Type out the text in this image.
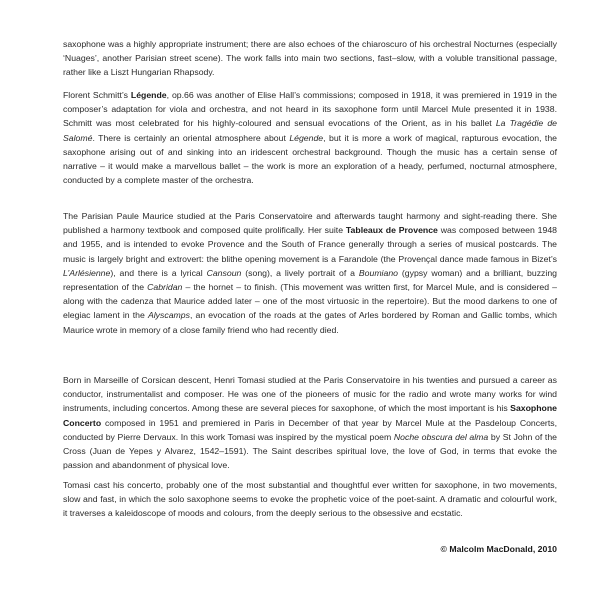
saxophone was a highly appropriate instrument; there are also echoes of the chiaroscuro of his orchestral Nocturnes (especially ‘Nuages’, another Parisian street scene). The work falls into main two sections, fast–slow, with a voluble transitional passage, rather like a Liszt Hungarian Rhapsody.

Florent Schmitt’s Légende, op.66 was another of Elise Hall’s commissions; composed in 1918, it was premiered in 1919 in the composer’s adaptation for viola and orchestra, and not heard in its saxophone form until Marcel Mule presented it in 1938. Schmitt was most celebrated for his highly-coloured and sensual evocations of the Orient, as in his ballet La Tragédie de Salomé. There is certainly an oriental atmosphere about Légende, but it is more a work of magical, rapturous evocation, the saxophone arising out of and sinking into an iridescent orchestral background. Though the music has a certain sense of narrative – it would make a marvellous ballet – the work is more an exploration of a heady, perfumed, nocturnal atmosphere, conducted by a complete master of the orchestra.

The Parisian Paule Maurice studied at the Paris Conservatoire and afterwards taught harmony and sight-reading there. She published a harmony textbook and composed quite prolifically. Her suite Tableaux de Provence was composed between 1948 and 1955, and is intended to evoke Provence and the South of France generally through a series of musical postcards. The music is largely bright and extrovert: the blithe opening movement is a Farandole (the Provençal dance made famous in Bizet’s L’Arlésienne), and there is a lyrical Cansoun (song), a lively portrait of a Boumiano (gypsy woman) and a brilliant, buzzing representation of the Cabridan – the hornet – to finish. (This movement was written first, for Marcel Mule, and is considered – along with the cadenza that Maurice added later – one of the most virtuosic in the repertoire). But the mood darkens to one of elegiac lament in the Alyscamps, an evocation of the roads at the gates of Arles bordered by Roman and Gallic tombs, which Maurice wrote in memory of a close family friend who had recently died.

Born in Marseille of Corsican descent, Henri Tomasi studied at the Paris Conservatoire in his twenties and pursued a career as conductor, instrumentalist and composer. He was one of the pioneers of music for the radio and wrote many works for wind instruments, including concertos. Among these are several pieces for saxophone, of which the most important is his Saxophone Concerto composed in 1951 and premiered in Paris in December of that year by Marcel Mule at the Pasdeloup Concerts, conducted by Pierre Dervaux. In this work Tomasi was inspired by the mystical poem Noche obscura del alma by St John of the Cross (Juan de Yepes y Alvarez, 1542–1591). The Saint describes spiritual love, the love of God, in terms that evoke the passion and abandonment of physical love.

Tomasi cast his concerto, probably one of the most substantial and thoughtful ever written for saxophone, in two movements, slow and fast, in which the solo saxophone seems to evoke the prophetic voice of the poet-saint. A dramatic and colourful work, it traverses a kaleidoscope of moods and colours, from the deeply serious to the obsessive and ecstatic.

© Malcolm MacDonald, 2010
